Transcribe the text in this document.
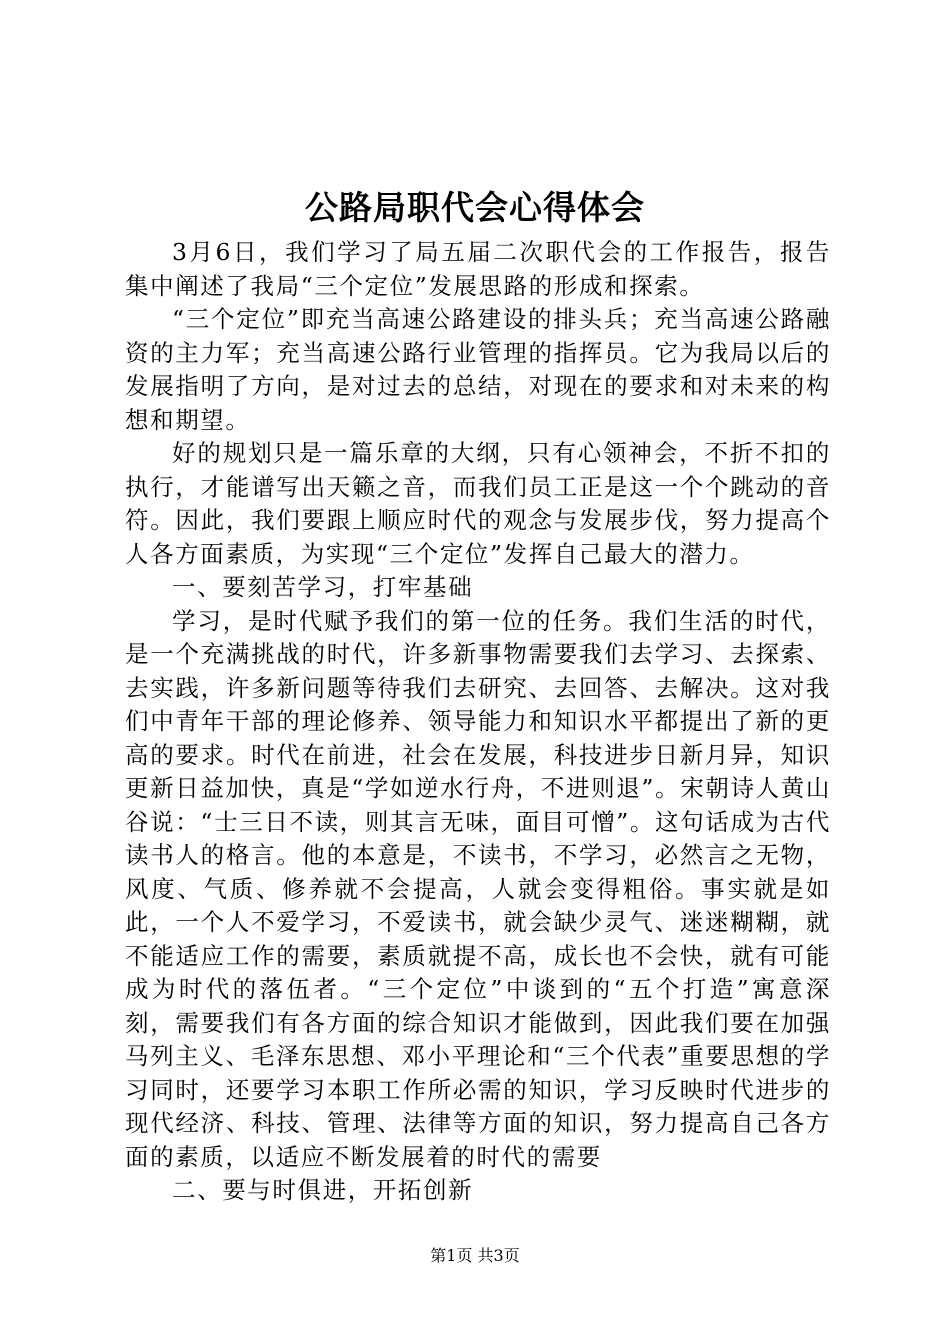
公路局职代会心得体会

3月6日，我们学习了局五届二次职代会的工作报告，报告集中阐述了我局“三个定位”发展思路的形成和探索。

“三个定位”即充当高速公路建设的排头兵；充当高速公路融资的主力军；充当高速公路行业管理的指挥员。它为我局以后的发展指明了方向，是对过去的总结，对现在的要求和对未来的构想和期望。

好的规划只是一篇乐章的大纲，只有心领神会，不折不扣的执行，才能谱写出天籁之音，而我们员工正是这一个个跳动的音符。因此，我们要跟上顺应时代的观念与发展步伐，努力提高个人各方面素质，为实现“三个定位”发挥自己最大的潜力。

一、要刻苦学习，打牢基础

学习，是时代赋予我们的第一位的任务。我们生活的时代，是一个充满挑战的时代，许多新事物需要我们去学习、去探索、去实践，许多新问题等待我们去研究、去回答、去解决。这对我们中青年干部的理论修养、领导能力和知识水平都提出了新的更高的要求。时代在前进，社会在发展，科技进步日新月异，知识更新日益加快，真是“学如逆水行舟，不进则退”。宋朝诗人黄山谷说：“士三日不读，则其言无味，面目可憎”。这句话成为古代读书人的格言。他的本意是，不读书，不学习，必然言之无物，风度、气质、修养就不会提高，人就会变得粗俗。事实就是如此，一个人不爱学习，不爱读书，就会缺少灵气、迷迷糊糊，就不能适应工作的需要，素质就提不高，成长也不会快，就有可能成为时代的落伍者。“三个定位”中谈到的“五个打造”寓意深刻，需要我们有各方面的综合知识才能做到，因此我们要在加强马列主义、毛泽东思想、邓小平理论和“三个代表”重要思想的学习同时，还要学习本职工作所必需的知识，学习反映时代进步的现代经济、科技、管理、法律等方面的知识，努力提高自己各方面的素质，以适应不断发展着的时代的需要

二、要与时俱进，开拓创新

第1页 共3页
